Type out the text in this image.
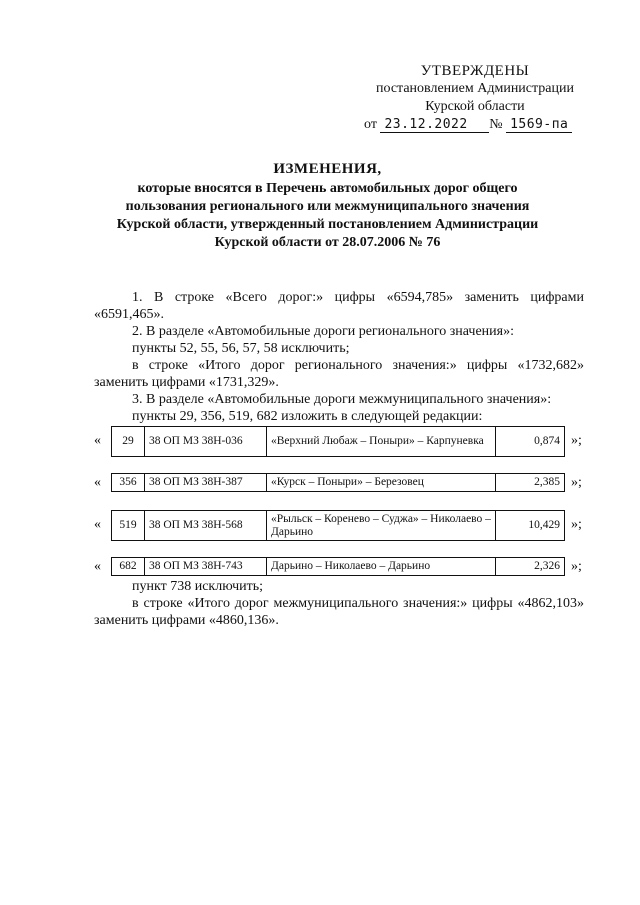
УТВЕРЖДЕНЫ
постановлением Администрации
Курской области
от 23.12.2022 № 1569-па
ИЗМЕНЕНИЯ,
которые вносятся в Перечень автомобильных дорог общего
пользования регионального или межмуниципального значения
Курской области, утвержденный постановлением Администрации
Курской области от 28.07.2006 № 76

1. В строке «Всего дорог:» цифры «6594,785» заменить цифрами «6591,465».

2. В разделе «Автомобильные дороги регионального значения»:

пункты 52, 55, 56, 57, 58 исключить;

в строке «Итого дорог регионального значения:» цифры «1732,682» заменить цифрами «1731,329».

3. В разделе «Автомобильные дороги межмуниципального значения»:

пункты 29, 356, 519, 682 изложить в следующей редакции:

« 29	38 ОП МЗ 38Н-036	«Верхний Любаж – Поныри» – Карпуневка	0,874 »;
« 356	38 ОП МЗ 38Н-387	«Курск – Поныри» – Березовец	2,385 »;
« 519	38 ОП МЗ 38Н-568	«Рыльск – Коренево – Суджа» – Николаево – Дарьино	10,429 »;
« 682	38 ОП МЗ 38Н-743	Дарьино – Николаево – Дарьино	2,326 »;

пункт 738 исключить;

в строке «Итого дорог межмуниципального значения:» цифры «4862,103» заменить цифрами «4860,136».
